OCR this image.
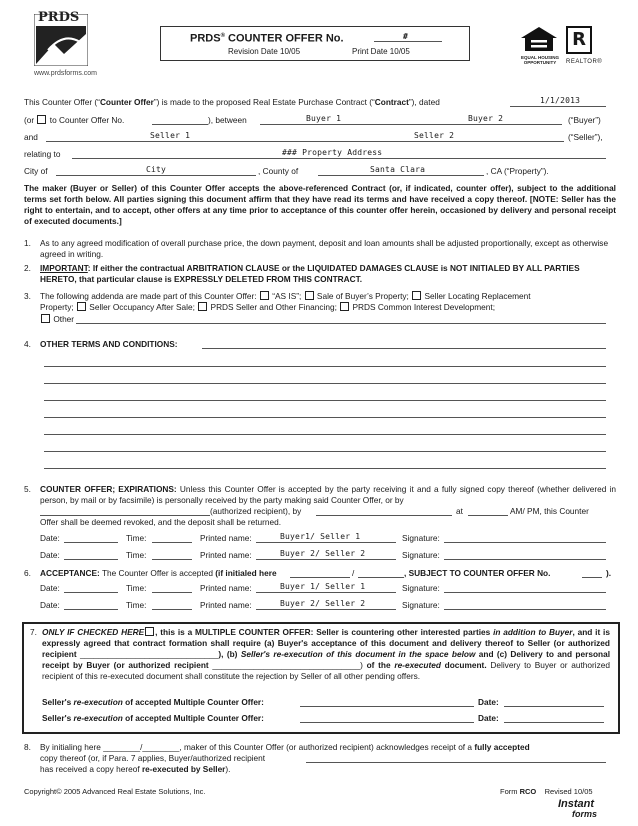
PRDS
www.prdsforms.com
PRDS® COUNTER OFFER No.	#
Revision Date 10/05	Print Date 10/05
EQUAL HOUSING OPPORTUNITY
R
REALTOR®
This Counter Offer (“Counter Offer”) is made to the proposed Real Estate Purchase Contract (“Contract”), dated	1/1/2013
(or to Counter Offer No.	), between	Buyer 1	Buyer 2	(“Buyer”)
and	Seller 1	Seller 2	(“Seller”),
relating to	### Property Address
City of	City	, County of	Santa Clara	, CA (“Property”).

The maker (Buyer or Seller) of this Counter Offer accepts the above-referenced Contract (or, if indicated, counter offer), subject to the additional terms set forth below. All parties signing this document affirm that they have read its terms and have received a copy thereof. [NOTE: Seller has the right to entertain, and to accept, other offers at any time prior to acceptance of this counter offer herein, occasioned by delivery and personal receipt of executed documents.]

1. As to any agreed modification of overall purchase price, the down payment, deposit and loan amounts shall be adjusted proportionally, except as otherwise agreed in writing.

2. IMPORTANT: If either the contractual ARBITRATION CLAUSE or the LIQUIDATED DAMAGES CLAUSE is NOT INITIALED BY ALL PARTIES HERETO, that particular clause is EXPRESSLY DELETED FROM THIS CONTRACT.

3. The following addenda are made part of this Counter Offer: “AS IS”; Sale of Buyer’s Property; Seller Locating Replacement
Property; Seller Occupancy After Sale; PRDS Seller and Other Financing; PRDS Common Interest Development;
Other
4. OTHER TERMS AND CONDITIONS:
5. COUNTER OFFER; EXPIRATIONS: Unless this Counter Offer is accepted by the party receiving it and a fully signed copy thereof (whether delivered in person, by mail or by facsimile) is personally received by the party making said Counter Offer, or by

(authorized recipient), by	at	AM/ PM, this Counter
Offer shall be deemed revoked, and the deposit shall be returned.
Date:	Time:	Printed name:	Buyer1/ Seller 1	Signature:
Date:	Time:	Printed name:	Buyer 2/ Seller 2	Signature:
6. ACCEPTANCE: The Counter Offer is accepted (if initialed here	/	, SUBJECT TO COUNTER OFFER No.	).
Date:	Time:	Printed name:	Buyer 1/ Seller 1	Signature:
Date:	Time:	Printed name:	Buyer 2/ Seller 2	Signature:
7. ONLY IF CHECKED HERE , this is a MULTIPLE COUNTER OFFER: Seller is countering other interested parties in addition to Buyer, and it is expressly agreed that contract formation shall require (a) Buyer's acceptance of this document and delivery thereof to Seller (or authorized recipient ______________________________), (b) Seller's re-execution of this document in the space below and (c) Delivery to and personal receipt by Buyer (or authorized recipient ________________________________) of the re-executed document. Delivery to Buyer or authorized recipient of this re-executed document shall constitute the rejection by Seller of all other pending offers.

Seller's re-execution of accepted Multiple Counter Offer:	Date:
Seller's re-execution of accepted Multiple Counter Offer:	Date:
8. By initialing here ________/________, maker of this Counter Offer (or authorized recipient) acknowledges receipt of a fully accepted
copy thereof (or, if Para. 7 applies, Buyer/authorized recipient
has received a copy hereof re-executed by Seller).
Copyright© 2005 Advanced Real Estate Solutions, Inc.	Form RCO Revised 10/05
Instant
forms
